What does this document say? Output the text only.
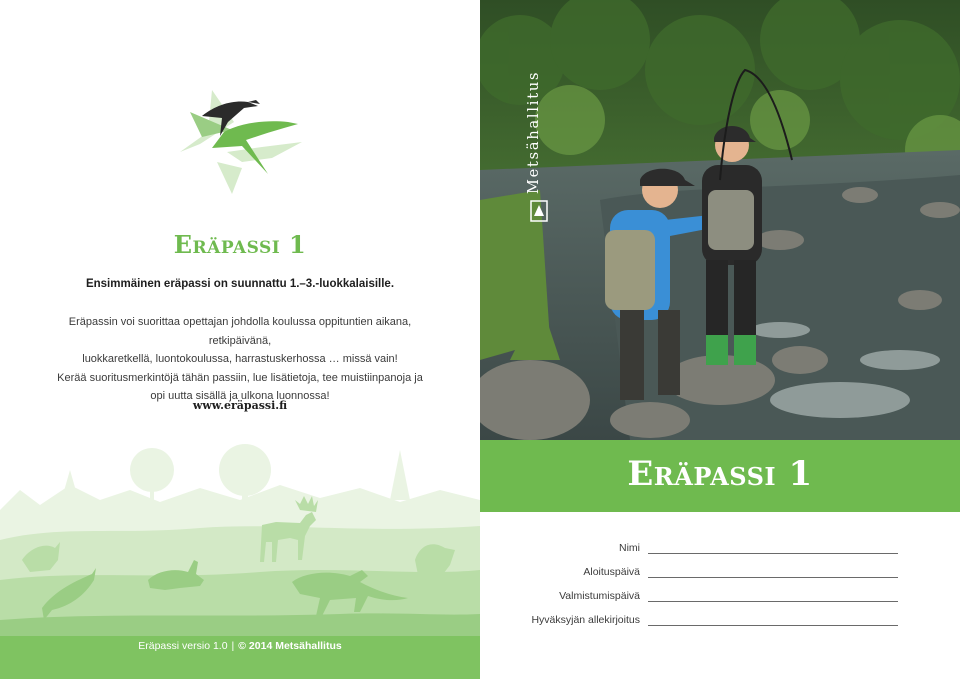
Eräpassi 1
Ensimmäinen eräpassi on suunnattu 1.–3.-luokkalaisille.

Eräpassin voi suorittaa opettajan johdolla koulussa oppituntien aikana, retkipäivänä,
luokkaretkellä, luontokoulussa, harrastuskerhossa … missä vain!
Kerää suoritusmerkintöjä tähän passiin, lue lisätietoja, tee muistiinpanoja ja
opi uutta sisällä ja ulkona luonnossa!

www.eräpassi.fi
Eräpassi versio 1.0 | © 2014 Metsähallitus
Eräpassi 1
Nimi
Aloituspäivä
Valmistumispäivä
Hyväksyjän allekirjoitus
Metsähallitus
